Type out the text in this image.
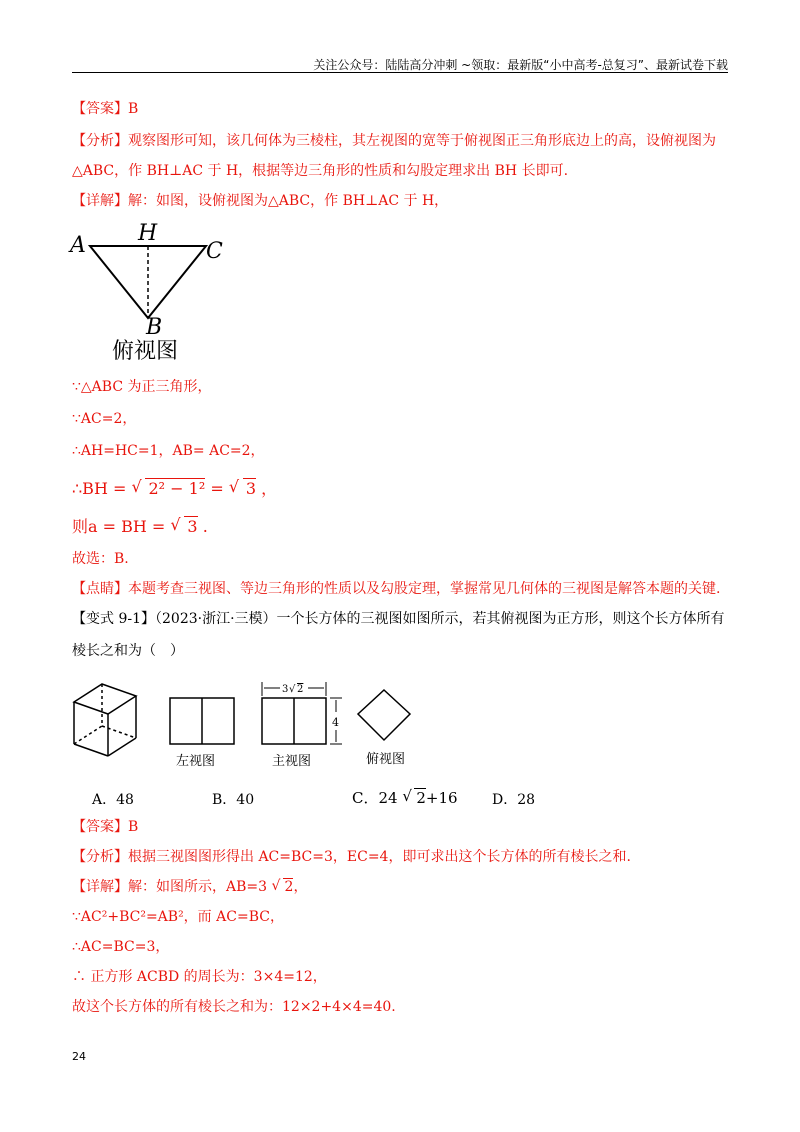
关注公众号：陆陆高分冲刺 ~领取：最新版“小中高考-总复习”、最新试卷下载
【答案】B
【分析】观察图形可知，该几何体为三棱柱，其左视图的宽等于俯视图正三角形底边上的高，设俯视图为
△ABC，作 BH⊥AC 于 H，根据等边三角形的性质和勾股定理求出 BH 长即可.
【详解】解：如图，设俯视图为△ABC，作 BH⊥AC 于 H，
A H
C
B
俯视图
∵△ABC 为正三角形，
∵AC=2，
∴AH=HC=1，AB= AC=2，
∴BH = √ 2² − 1² = √ 3 ，
则a = BH = √ 3 .
故选：B.
【点睛】本题考查三视图、等边三角形的性质以及勾股定理，掌握常见几何体的三视图是解答本题的关键.
【变式 9-1】（2023·浙江·三模）一个长方体的三视图如图所示，若其俯视图为正方形，则这个长方体所有
棱长之和为（　）
3 √ 2
4
左视图	主视图	俯视图
A．48	B．40	C．24 √ 2+16 D．28
【答案】B
【分析】根据三视图图形得出 AC=BC=3，EC=4，即可求出这个长方体的所有棱长之和.
【详解】解：如图所示，AB=3 √ 2，
∵AC²+BC²=AB²，而 AC=BC，
∴AC=BC=3，
∴ 正方形 ACBD 的周长为：3×4=12，
故这个长方体的所有棱长之和为：12×2+4×4=40.
24
